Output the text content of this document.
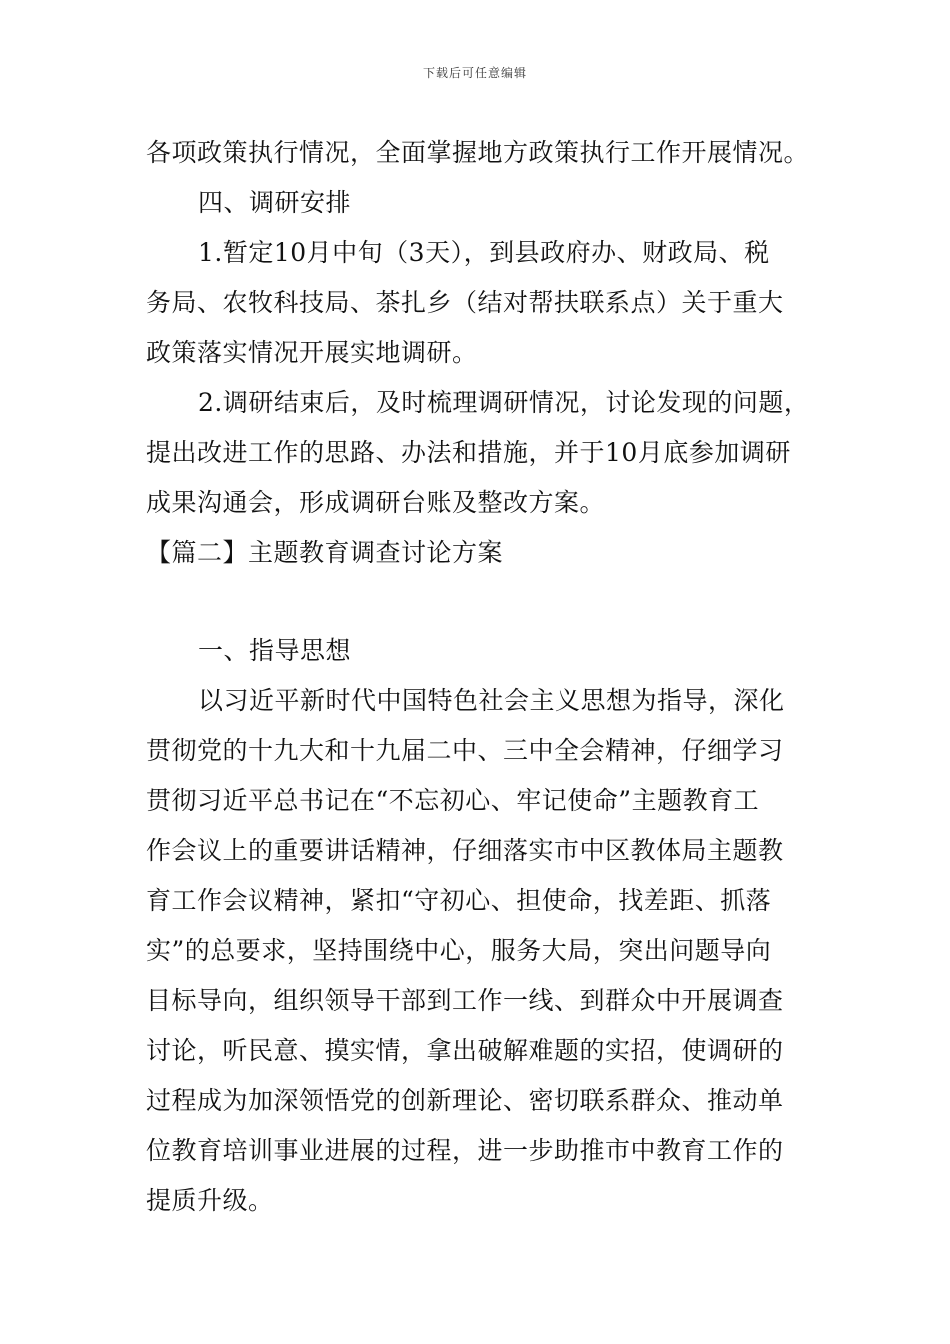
下载后可任意编辑
各项政策执行情况，全面掌握地方政策执行工作开展情况。
四、调研安排
1.暂定10月中旬（3天），到县政府办、财政局、税
务局、农牧科技局、茶扎乡（结对帮扶联系点）关于重大
政策落实情况开展实地调研。
2.调研结束后，及时梳理调研情况，讨论发现的问题，
提出改进工作的思路、办法和措施，并于10月底参加调研
成果沟通会，形成调研台账及整改方案。
【篇二】主题教育调查讨论方案
一、指导思想
以习近平新时代中国特色社会主义思想为指导，深化
贯彻党的十九大和十九届二中、三中全会精神，仔细学习
贯彻习近平总书记在“不忘初心、牢记使命”主题教育工
作会议上的重要讲话精神，仔细落实市中区教体局主题教
育工作会议精神，紧扣“守初心、担使命，找差距、抓落
实”的总要求，坚持围绕中心，服务大局，突出问题导向
目标导向，组织领导干部到工作一线、到群众中开展调查
讨论，听民意、摸实情，拿出破解难题的实招，使调研的
过程成为加深领悟党的创新理论、密切联系群众、推动单
位教育培训事业进展的过程，进一步助推市中教育工作的
提质升级。
